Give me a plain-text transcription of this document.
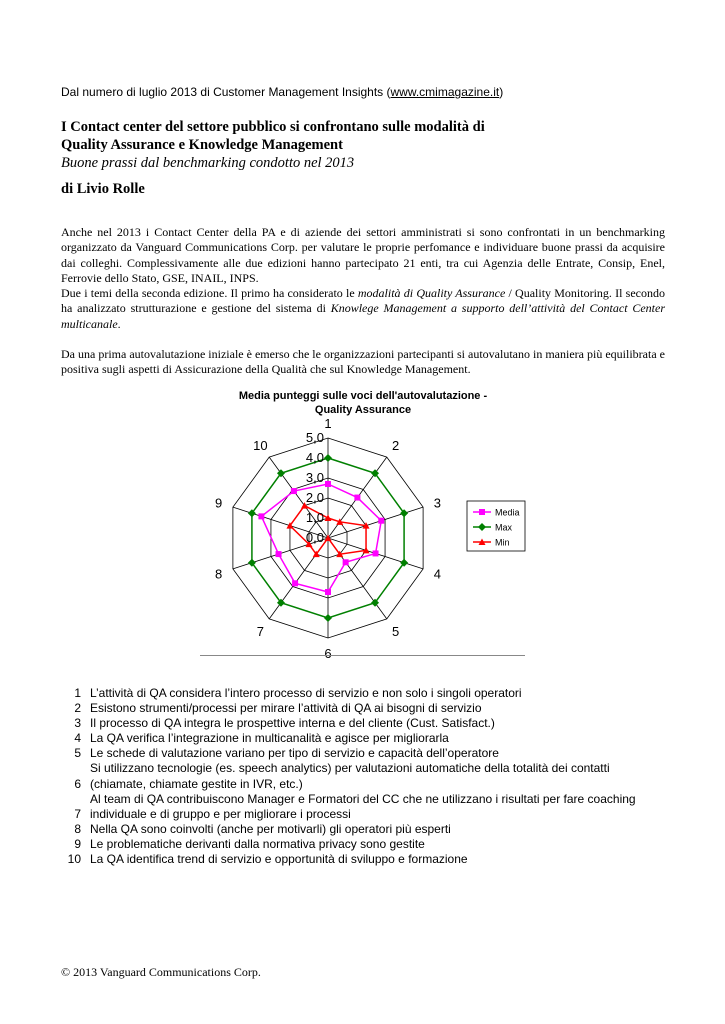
Dal numero di luglio 2013 di Customer Management Insights (www.cmimagazine.it)
I Contact center del settore pubblico si confrontano sulle modalità di
Quality Assurance e Knowledge Management
Buone prassi dal benchmarking condotto nel 2013
di Livio Rolle

Anche nel 2013 i Contact Center della PA e di aziende dei settori amministrati si sono confrontati in un benchmarking organizzato da Vanguard Communications Corp. per valutare le proprie perfomance e individuare buone prassi da acquisire dai colleghi. Complessivamente alle due edizioni hanno partecipato 21 enti, tra cui Agenzia delle Entrate, Consip, Enel, Ferrovie dello Stato, GSE, INAIL, INPS.

Due i temi della seconda edizione. Il primo ha considerato le modalità di Quality Assurance / Quality Monitoring. Il secondo ha analizzato strutturazione e gestione del sistema di Knowlege Management a supporto dell’attività del Contact Center multicanale.

Da una prima autovalutazione iniziale è emerso che le organizzazioni partecipanti si autovalutano in maniera più equilibrata e positiva sugli aspetti di Assicurazione della Qualità che sul Knowledge Management.

Media punteggi sulle voci dell'autovalutazione -
Quality Assurance
0,0
1,0
2,0
3,0
4,0
5,0
1
2
3
4
5
6
7
8
9
10
Media
Max
Min
1 L’attività di QA considera l’intero processo di servizio e non solo i singoli operatori
2 Esistono strumenti/processi per mirare l’attività di QA ai bisogni di servizio
3 Il processo di QA integra le prospettive interna e del cliente (Cust. Satisfact.)
4 La QA verifica l’integrazione in multicanalità e agisce per migliorarla
5 Le schede di valutazione variano per tipo di servizio e capacità dell’operatore
Si utilizzano tecnologie (es. speech analytics) per valutazioni automatiche della totalità dei contatti
6 (chiamate, chiamate gestite in IVR, etc.)
Al team di QA contribuiscono Manager e Formatori del CC che ne utilizzano i risultati per fare coaching
7 individuale e di gruppo e per migliorare i processi
8 Nella QA sono coinvolti (anche per motivarli) gli operatori più esperti
9 Le problematiche derivanti dalla normativa privacy sono gestite
10 La QA identifica trend di servizio e opportunità di sviluppo e formazione
© 2013 Vanguard Communications Corp.
